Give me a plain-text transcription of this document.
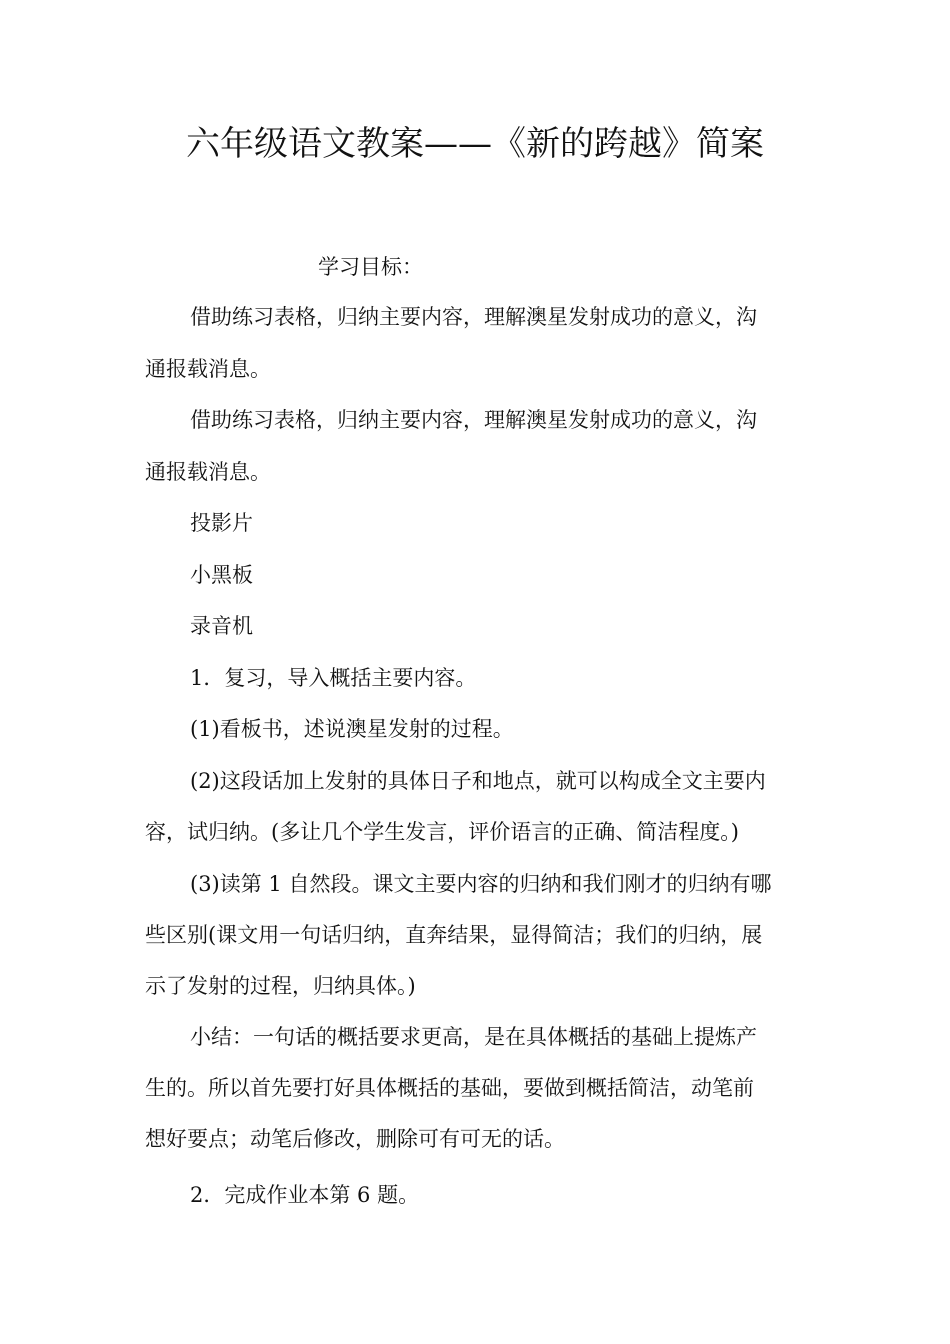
六年级语文教案——《新的跨越》简案

学习目标：

借助练习表格，归纳主要内容，理解澳星发射成功的意义，沟

通报载消息。

借助练习表格，归纳主要内容，理解澳星发射成功的意义，沟

通报载消息。

投影片

小黑板

录音机

1．复习，导入概括主要内容。

(1)看板书，述说澳星发射的过程。

(2)这段话加上发射的具体日子和地点，就可以构成全文主要内

容，试归纳。(多让几个学生发言，评价语言的正确、简洁程度。)

(3)读第 1 自然段。课文主要内容的归纳和我们刚才的归纳有哪

些区别(课文用一句话归纳，直奔结果，显得简洁；我们的归纳，展

示了发射的过程，归纳具体。)

小结：一句话的概括要求更高，是在具体概括的基础上提炼产

生的。所以首先要打好具体概括的基础，要做到概括简洁，动笔前

想好要点；动笔后修改，删除可有可无的话。

2．完成作业本第 6 题。
